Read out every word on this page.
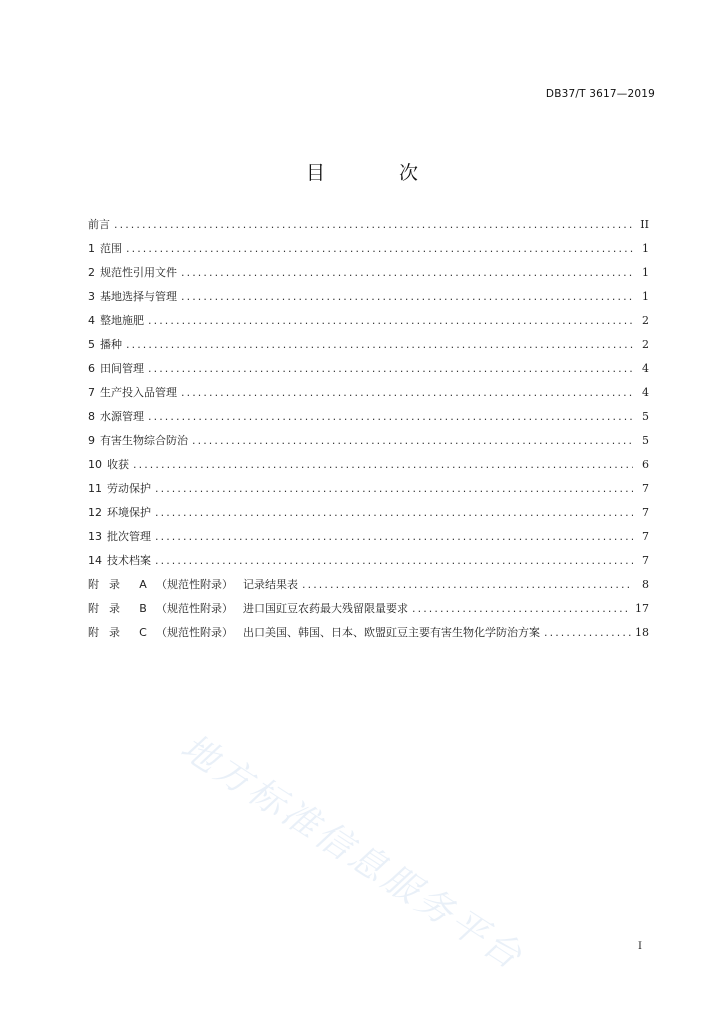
DB37/T 3617—2019
目 次
前言 .....	II
1 范围 .....	1
2 规范性引用文件 .....	1
3 基地选择与管理 .....	1
4 整地施肥 .....	2
5 播种 .....	2
6 田间管理 .....	4
7 生产投入品管理 .....	4
8 水源管理 .....	5
9 有害生物综合防治 .....	5
10 收获 .....	6
11 劳动保护 .....	7
12 环境保护 .....	7
13 批次管理 .....	7
14 技术档案 .....	7
附录 A （规范性附录） 记录结果表 .....	8
附录 B （规范性附录） 进口国豇豆农药最大残留限量要求 .....	17
附录 C （规范性附录） 出口美国、韩国、日本、欧盟豇豆主要有害生物化学防治方案 .....	18
地方标准信息服务平台	I
